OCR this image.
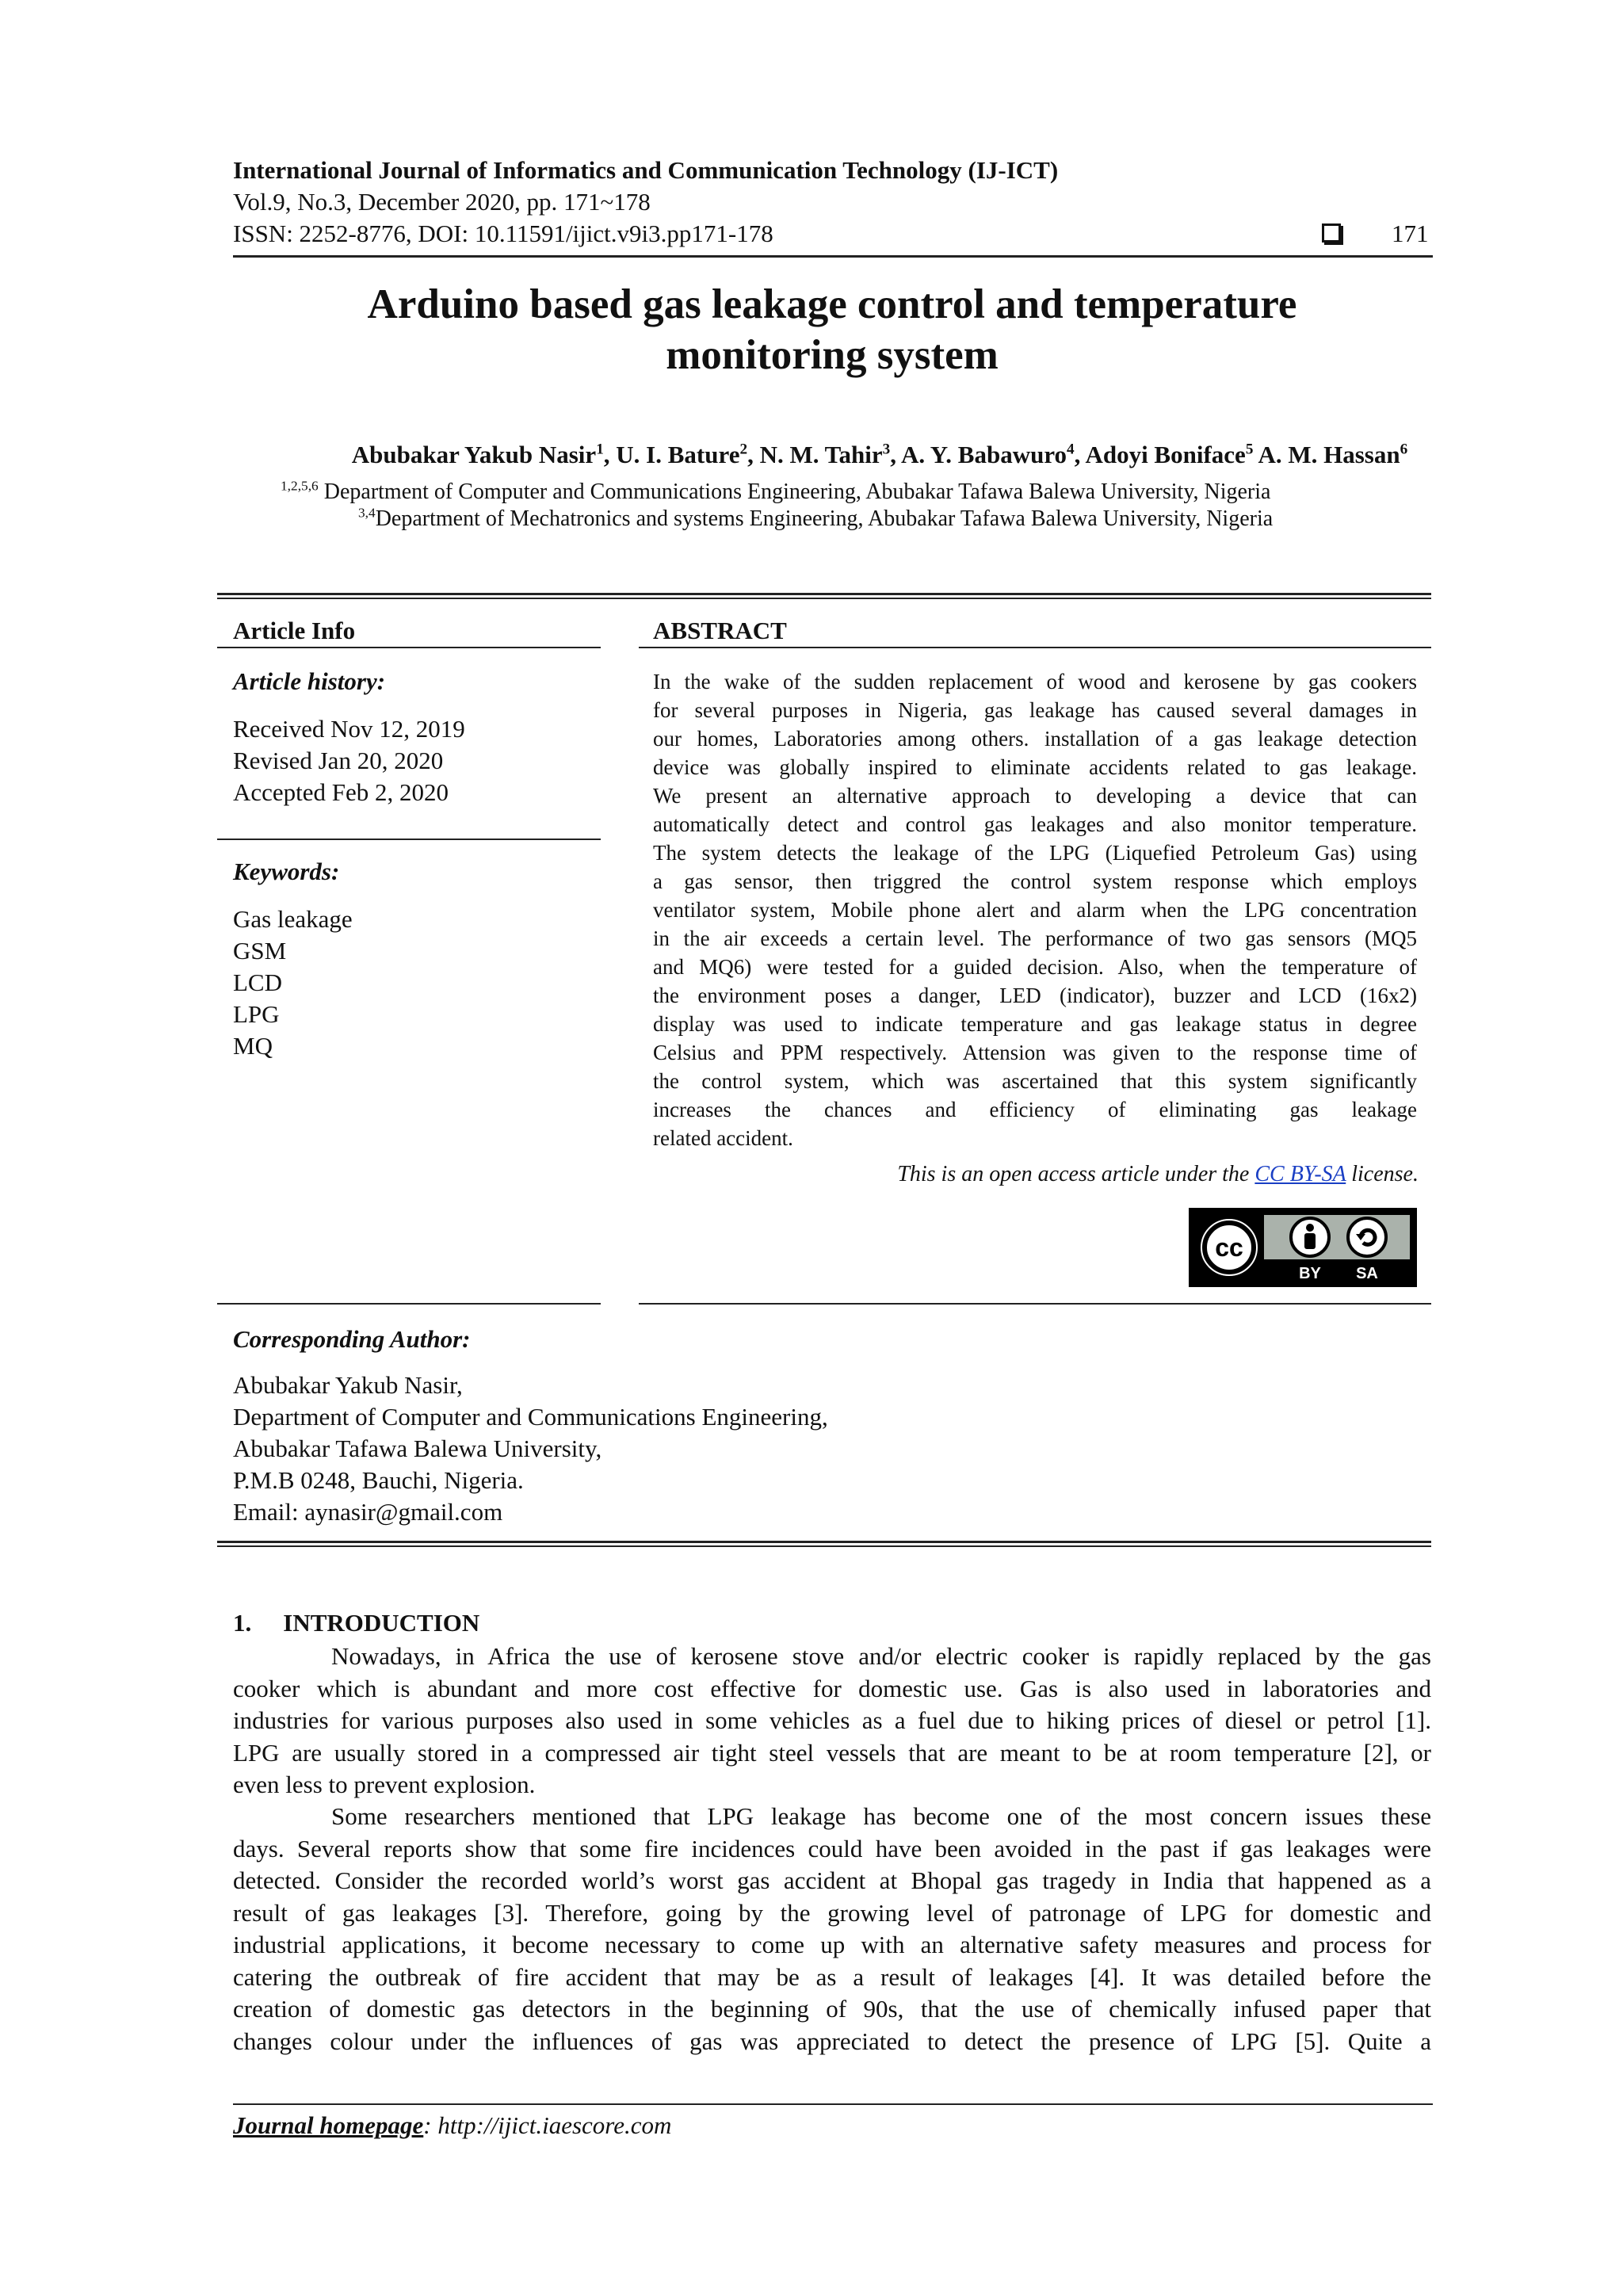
International Journal of Informatics and Communication Technology (IJ-ICT)
Vol.9, No.3, December 2020, pp. 171~178
ISSN: 2252-8776, DOI: 10.11591/ijict.v9i3.pp171-178	171
Arduino based gas leakage control and temperature
monitoring system
Abubakar Yakub Nasir$^1$, U. I. Bature$^2$, N. M. Tahir$^3$, A. Y. Babawuro$^4$, Adoyi Boniface$^5$ A. M. Hassan$^6$
$^{1,2,5,6}$ Department of Computer and Communications Engineering, Abubakar Tafawa Balewa University, Nigeria
$^{3,4}$Department of Mechatronics and systems Engineering, Abubakar Tafawa Balewa University, Nigeria
Article Info
Article history:
Received Nov 12, 2019
Revised Jan 20, 2020
Accepted Feb 2, 2020
Keywords:
Gas leakage
GSM
LCD
LPG
MQ
ABSTRACT
In the wake of the sudden replacement of wood and kerosene by gas cookers
for several purposes in Nigeria, gas leakage has caused several damages in
our homes, Laboratories among others. installation of a gas leakage detection
device was globally inspired to eliminate accidents related to gas leakage.
We present an alternative approach to developing a device that can
automatically detect and control gas leakages and also monitor temperature.
The system detects the leakage of the LPG (Liquefied Petroleum Gas) using
a gas sensor, then triggred the control system response which employs
ventilator system, Mobile phone alert and alarm when the LPG concentration
in the air exceeds a certain level. The performance of two gas sensors (MQ5
and MQ6) were tested for a guided decision. Also, when the temperature of
the environment poses a danger, LED (indicator), buzzer and LCD (16x2)
display was used to indicate temperature and gas leakage status in degree
Celsius and PPM respectively. Attension was given to the response time of
the control system, which was ascertained that this system significantly
increases the chances and efficiency of eliminating gas leakage
related accident.
This is an open access article under the CC BY-SA license.
cc
BY SA
Corresponding Author:
Abubakar Yakub Nasir,
Department of Computer and Communications Engineering,
Abubakar Tafawa Balewa University,
P.M.B 0248, Bauchi, Nigeria.
Email: aynasir@gmail.com
1. INTRODUCTION
Nowadays, in Africa the use of kerosene stove and/or electric cooker is rapidly replaced by the gas
cooker which is abundant and more cost effective for domestic use. Gas is also used in laboratories and
industries for various purposes also used in some vehicles as a fuel due to hiking prices of diesel or petrol [1].
LPG are usually stored in a compressed air tight steel vessels that are meant to be at room temperature [2], or
even less to prevent explosion.
Some researchers mentioned that LPG leakage has become one of the most concern issues these
days. Several reports show that some fire incidences could have been avoided in the past if gas leakages were
detected. Consider the recorded world’s worst gas accident at Bhopal gas tragedy in India that happened as a
result of gas leakages [3]. Therefore, going by the growing level of patronage of LPG for domestic and
industrial applications, it become necessary to come up with an alternative safety measures and process for
catering the outbreak of fire accident that may be as a result of leakages [4]. It was detailed before the
creation of domestic gas detectors in the beginning of 90s, that the use of chemically infused paper that
changes colour under the influences of gas was appreciated to detect the presence of LPG [5]. Quite a
Journal homepage: http://ijict.iaescore.com
